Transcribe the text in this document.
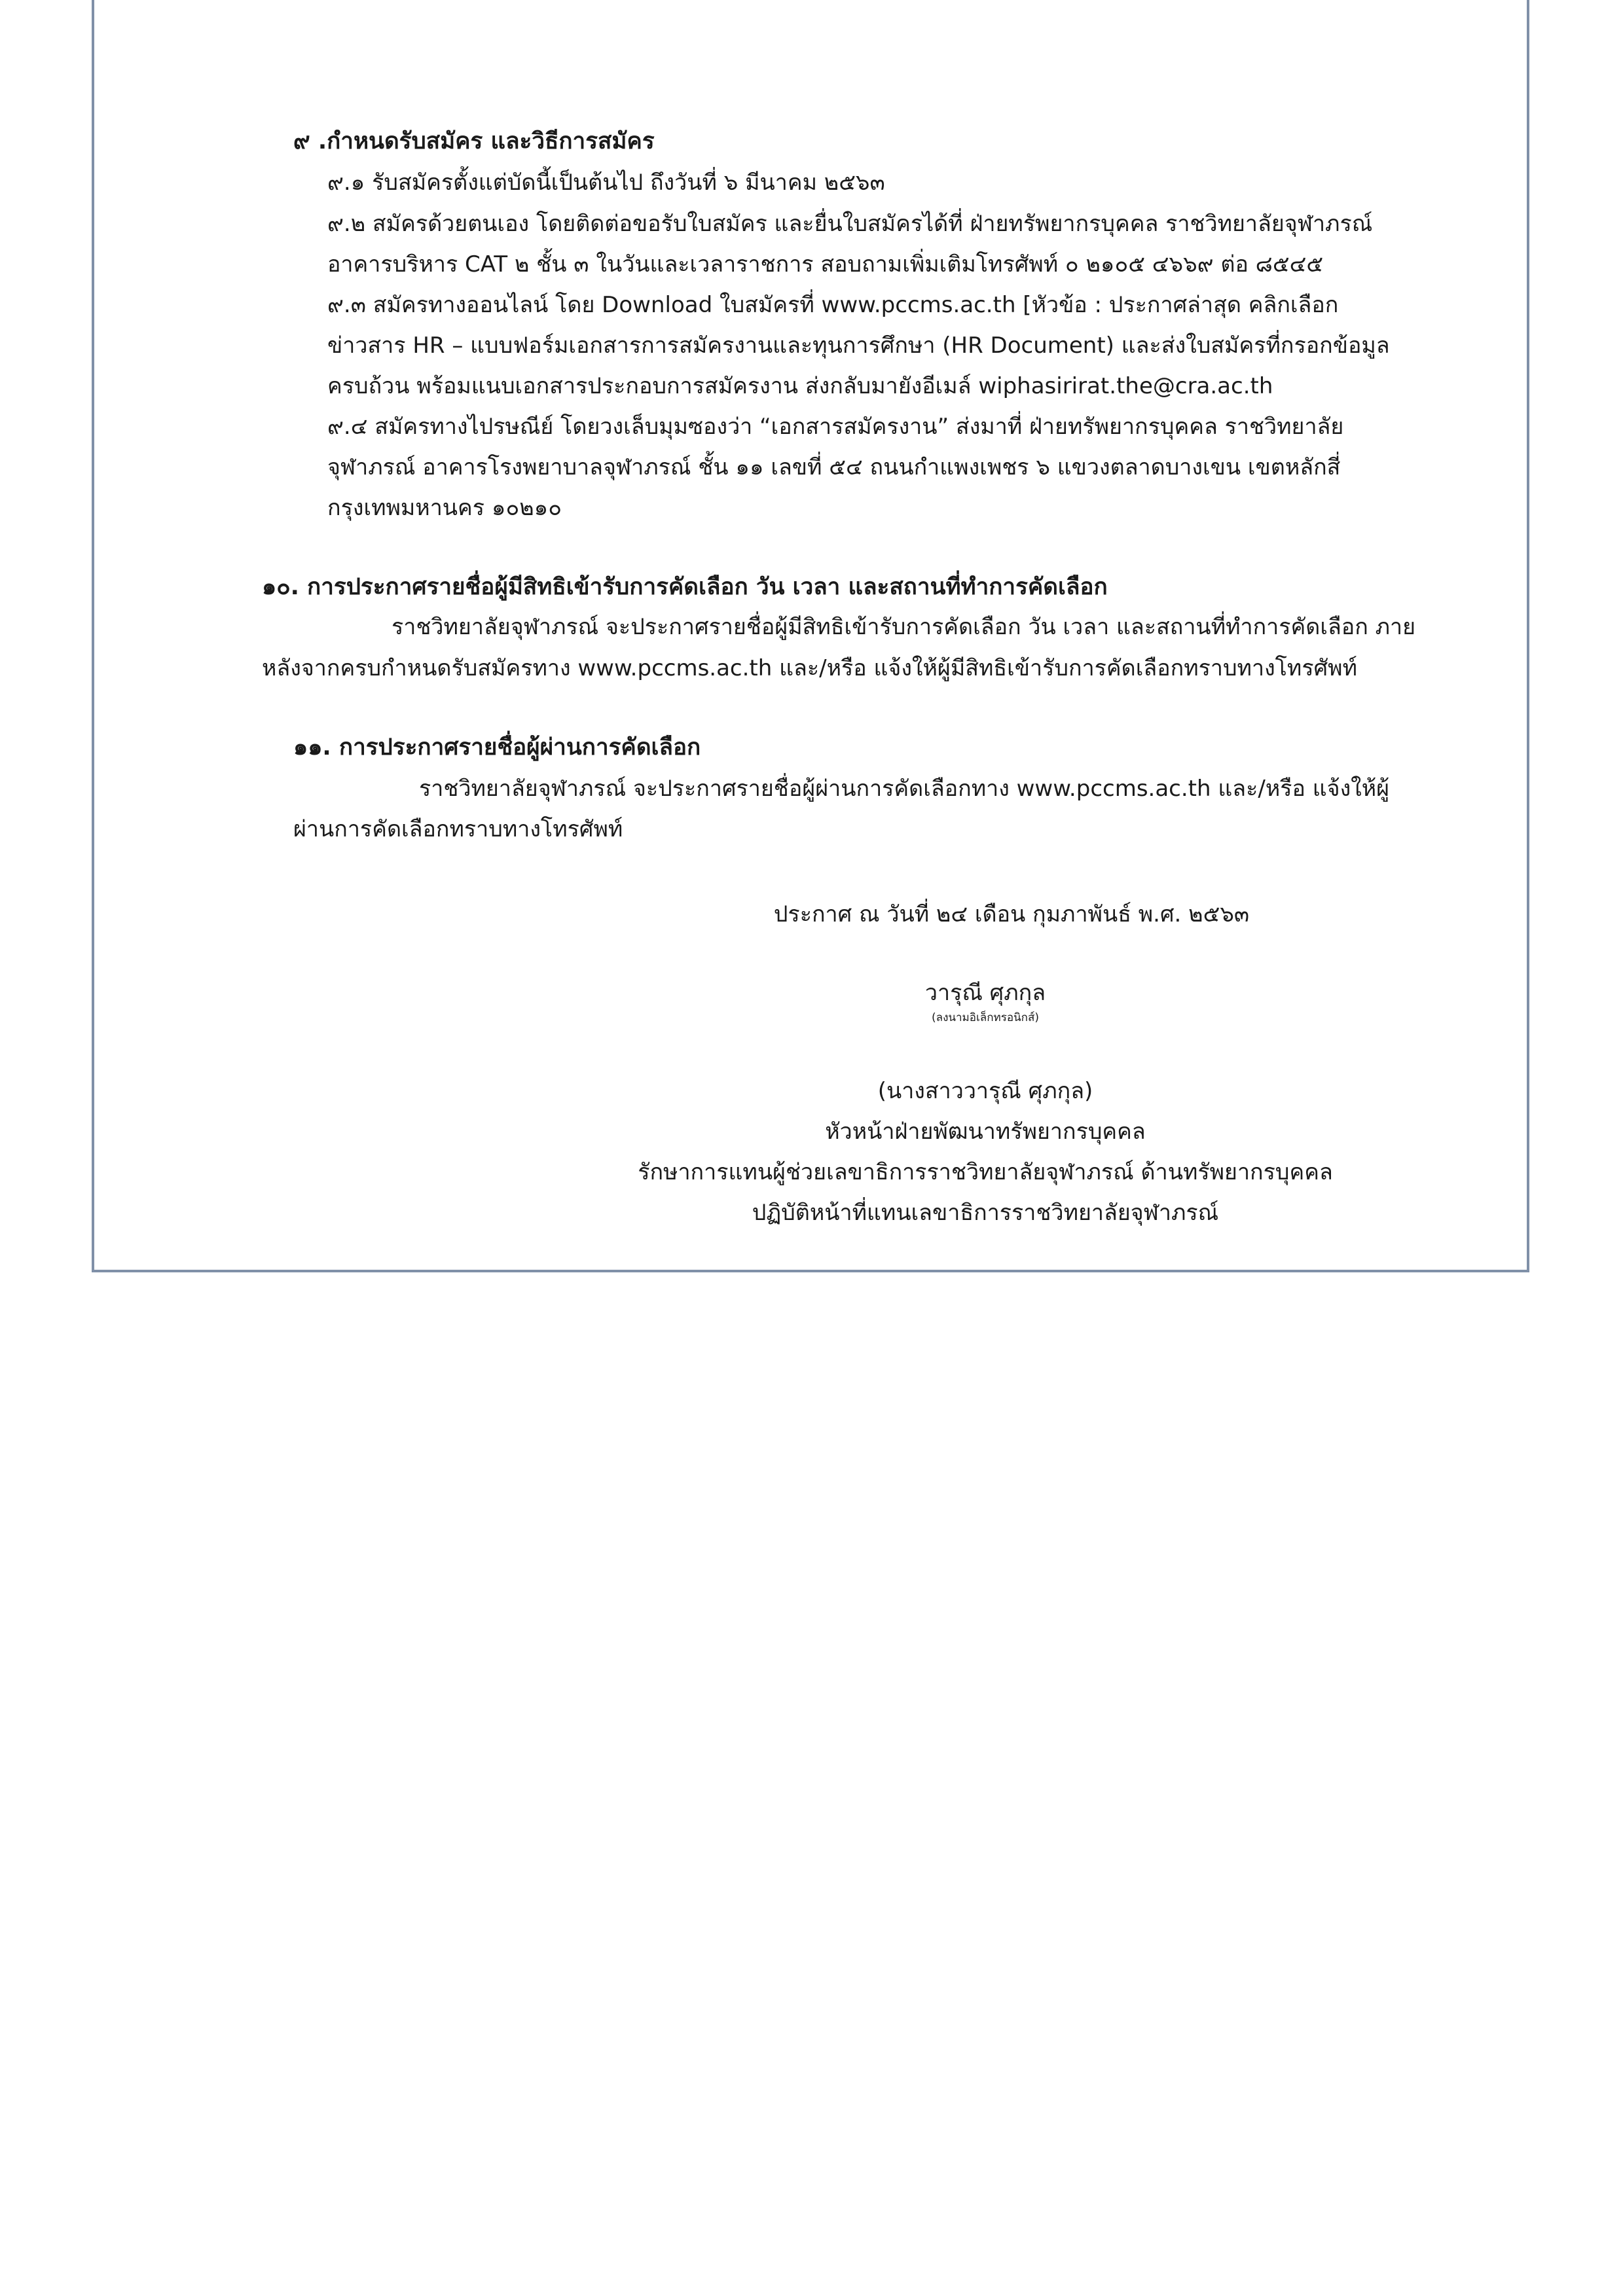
๙ .กำหนดรับสมัคร และวิธีการสมัคร
๙.๑ รับสมัครตั้งแต่บัดนี้เป็นต้นไป ถึงวันที่ ๖ มีนาคม ๒๕๖๓
๙.๒ สมัครด้วยตนเอง โดยติดต่อขอรับใบสมัคร และยื่นใบสมัครได้ที่ ฝ่ายทรัพยากรบุคคล ราชวิทยาลัยจุฬาภรณ์
อาคารบริหาร CAT ๒ ชั้น ๓ ในวันและเวลาราชการ สอบถามเพิ่มเติมโทรศัพท์ ๐ ๒๑๐๕ ๔๖๖๙ ต่อ ๘๕๔๕
๙.๓ สมัครทางออนไลน์ โดย Download ใบสมัครที่ www.pccms.ac.th [หัวข้อ : ประกาศล่าสุด คลิกเลือก
ข่าวสาร HR – แบบฟอร์มเอกสารการสมัครงานและทุนการศึกษา (HR Document) และส่งใบสมัครที่กรอกข้อมูล
ครบถ้วน พร้อมแนบเอกสารประกอบการสมัครงาน ส่งกลับมายังอีเมล์ wiphasirirat.the@cra.ac.th
๙.๔ สมัครทางไปรษณีย์ โดยวงเล็บมุมซองว่า “เอกสารสมัครงาน” ส่งมาที่ ฝ่ายทรัพยากรบุคคล ราชวิทยาลัย
จุฬาภรณ์ อาคารโรงพยาบาลจุฬาภรณ์ ชั้น ๑๑ เลขที่ ๕๔ ถนนกำแพงเพชร ๖ แขวงตลาดบางเขน เขตหลักสี่
กรุงเทพมหานคร ๑๐๒๑๐
๑๐. การประกาศรายชื่อผู้มีสิทธิเข้ารับการคัดเลือก วัน เวลา และสถานที่ทำการคัดเลือก
ราชวิทยาลัยจุฬาภรณ์ จะประกาศรายชื่อผู้มีสิทธิเข้ารับการคัดเลือก วัน เวลา และสถานที่ทำการคัดเลือก ภาย
หลังจากครบกำหนดรับสมัครทาง www.pccms.ac.th และ/หรือ แจ้งให้ผู้มีสิทธิเข้ารับการคัดเลือกทราบทางโทรศัพท์
๑๑. การประกาศรายชื่อผู้ผ่านการคัดเลือก
ราชวิทยาลัยจุฬาภรณ์ จะประกาศรายชื่อผู้ผ่านการคัดเลือกทาง www.pccms.ac.th และ/หรือ แจ้งให้ผู้
ผ่านการคัดเลือกทราบทางโทรศัพท์
ประกาศ ณ วันที่ ๒๔ เดือน กุมภาพันธ์ พ.ศ. ๒๕๖๓
วารุณี ศุภกุล
(ลงนามอิเล็กทรอนิกส์)
(นางสาววารุณี ศุภกุล)
หัวหน้าฝ่ายพัฒนาทรัพยากรบุคคล
รักษาการแทนผู้ช่วยเลขาธิการราชวิทยาลัยจุฬาภรณ์ ด้านทรัพยากรบุคคล
ปฏิบัติหน้าที่แทนเลขาธิการราชวิทยาลัยจุฬาภรณ์
